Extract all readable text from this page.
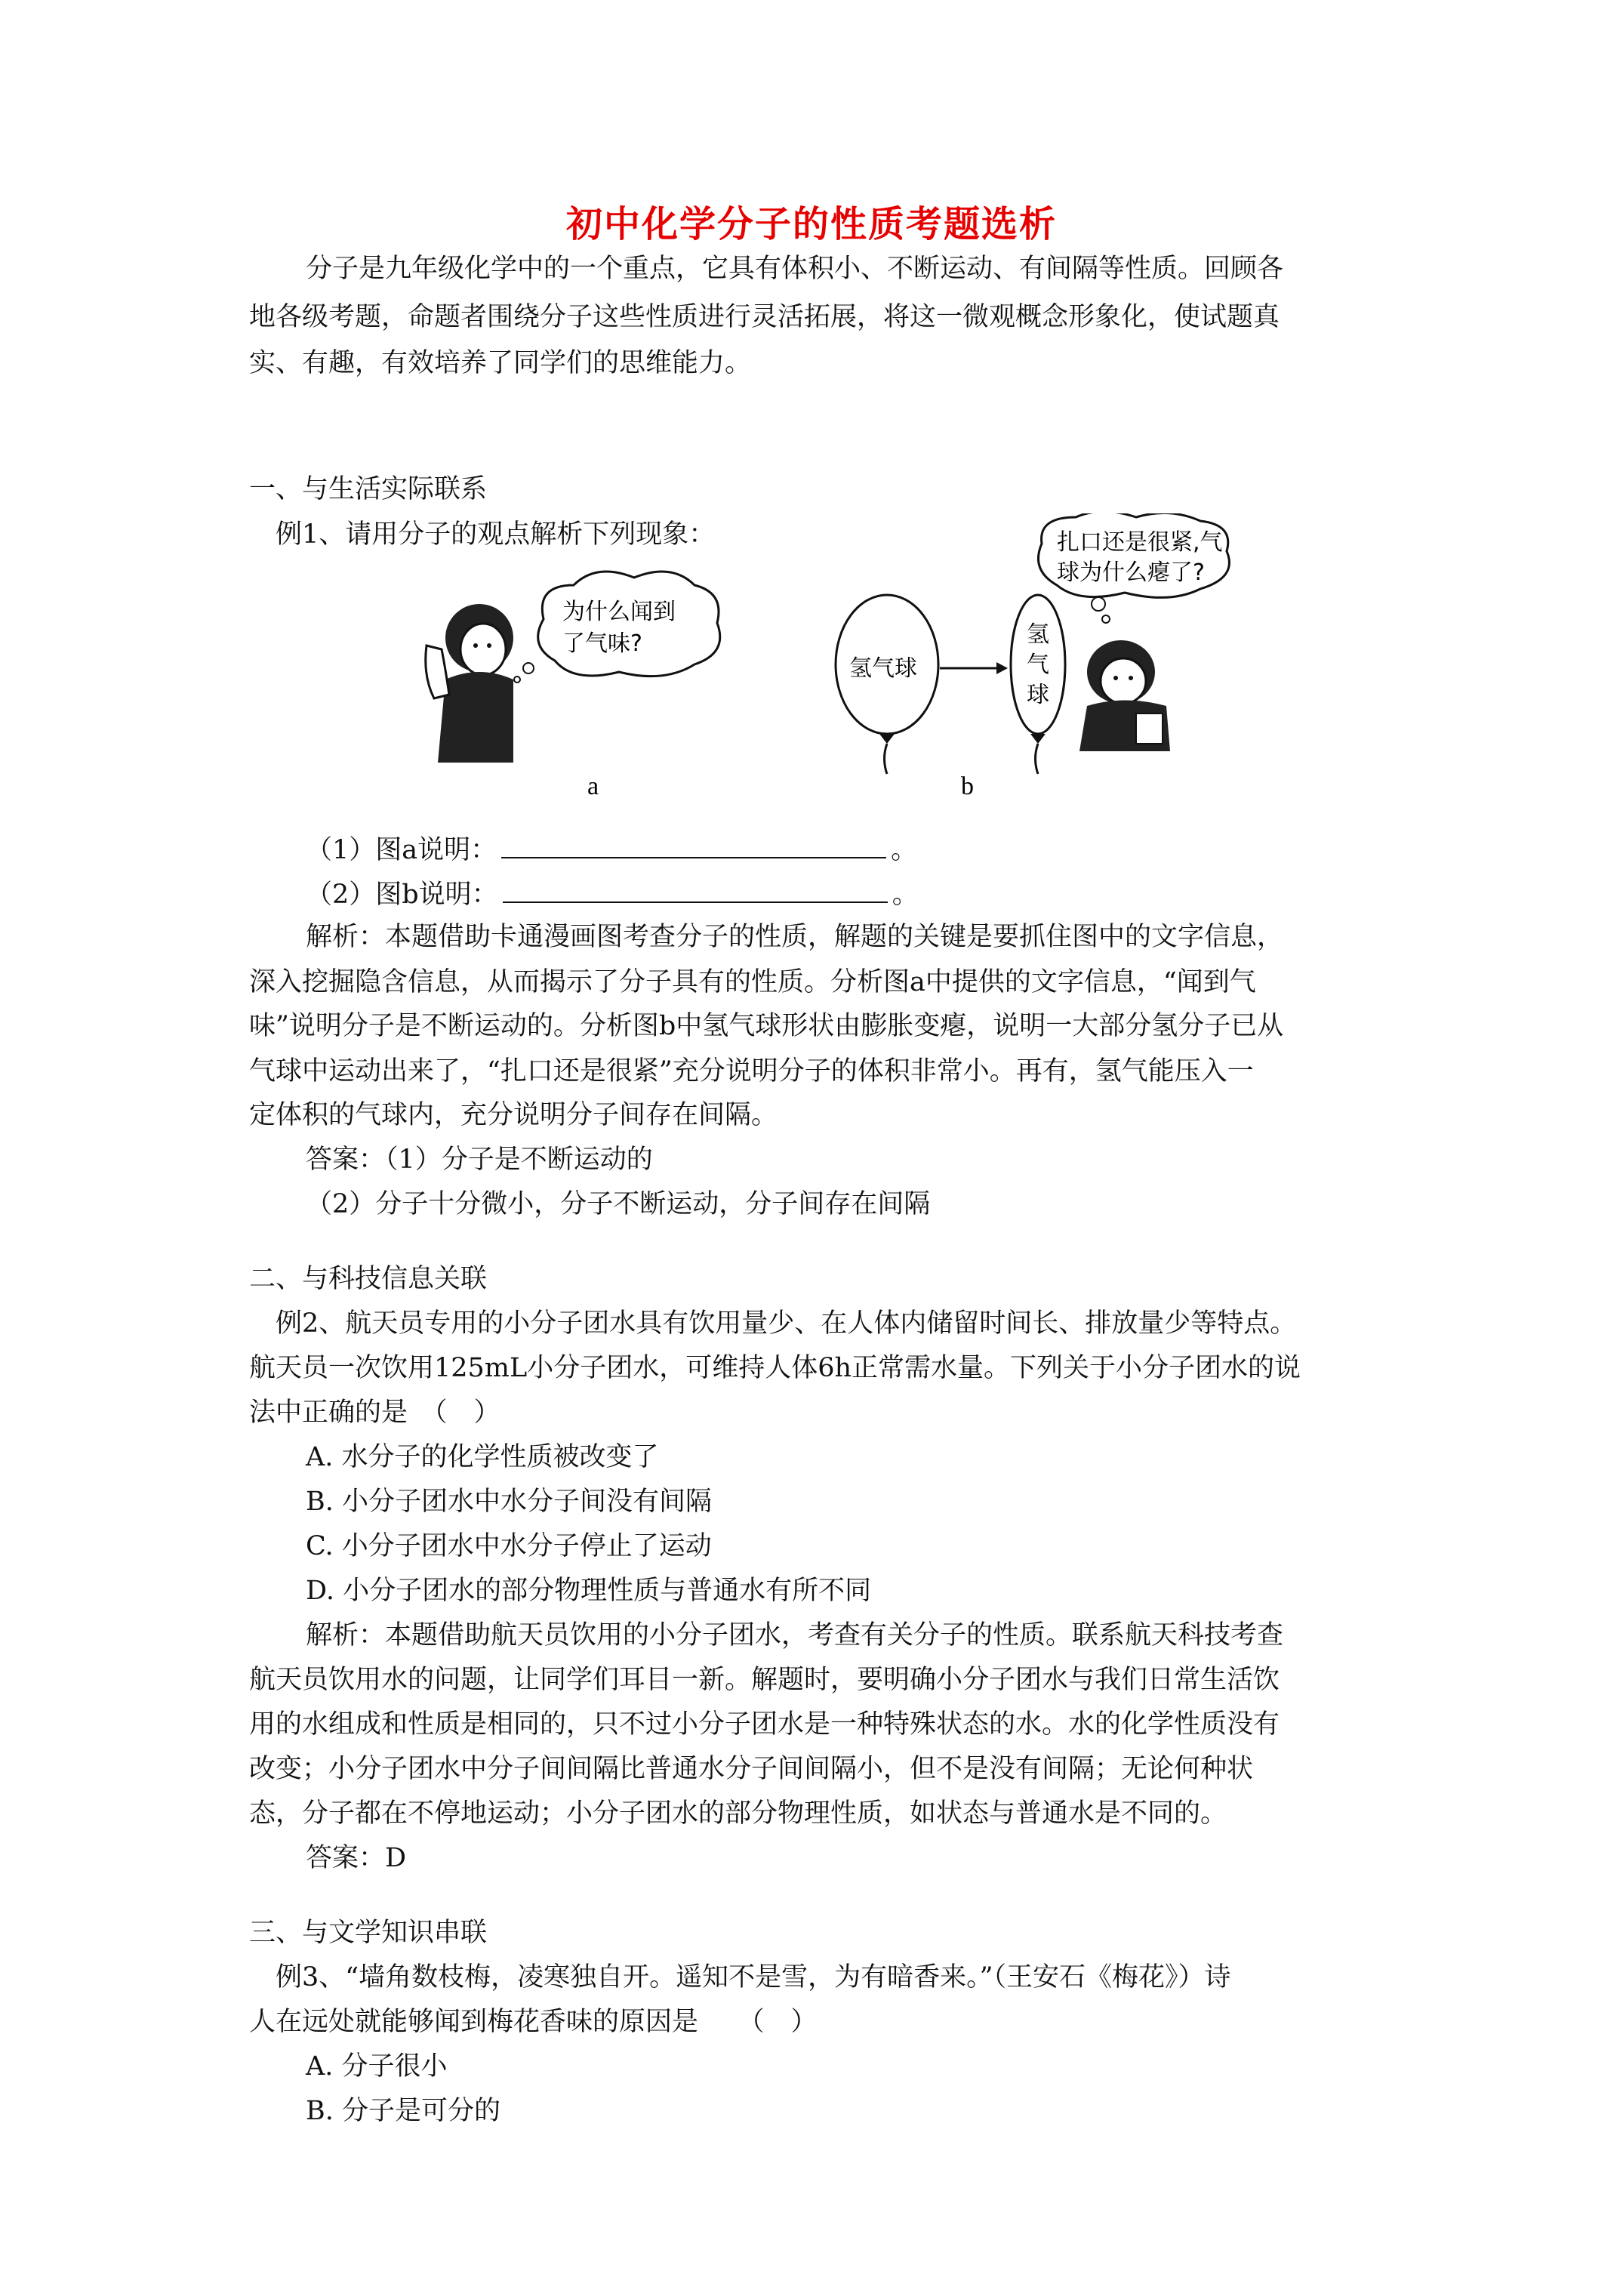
初中化学分子的性质考题选析
分子是九年级化学中的一个重点，它具有体积小、不断运动、有间隔等性质。回顾各
地各级考题，命题者围绕分子这些性质进行灵活拓展，将这一微观概念形象化，使试题真
实、有趣，有效培养了同学们的思维能力。
一、与生活实际联系
例1、请用分子的观点解析下列现象：
为什么闻到
了气味?
a
氢气球
氢
气
球
扎口还是很紧,气
球为什么瘪了?
b
（1）图a说明：	。
（2）图b说明：	。
解析：本题借助卡通漫画图考查分子的性质，解题的关键是要抓住图中的文字信息，
深入挖掘隐含信息，从而揭示了分子具有的性质。分析图a中提供的文字信息，“闻到气
味”说明分子是不断运动的。分析图b中氢气球形状由膨胀变瘪，说明一大部分氢分子已从
气球中运动出来了，“扎口还是很紧”充分说明分子的体积非常小。再有，氢气能压入一
定体积的气球内，充分说明分子间存在间隔。
答案：（1）分子是不断运动的
（2）分子十分微小，分子不断运动，分子间存在间隔
二、与科技信息关联
例2、航天员专用的小分子团水具有饮用量少、在人体内储留时间长、排放量少等特点。
航天员一次饮用125mL小分子团水，可维持人体6h正常需水量。下列关于小分子团水的说
法中正确的是　（　）
A. 水分子的化学性质被改变了
B. 小分子团水中水分子间没有间隔
C. 小分子团水中水分子停止了运动
D. 小分子团水的部分物理性质与普通水有所不同
解析：本题借助航天员饮用的小分子团水，考查有关分子的性质。联系航天科技考查
航天员饮用水的问题，让同学们耳目一新。解题时，要明确小分子团水与我们日常生活饮
用的水组成和性质是相同的，只不过小分子团水是一种特殊状态的水。水的化学性质没有
改变；小分子团水中分子间间隔比普通水分子间间隔小，但不是没有间隔；无论何种状
态，分子都在不停地运动；小分子团水的部分物理性质，如状态与普通水是不同的。
答案：D
三、与文学知识串联
例3、“墙角数枝梅，凌寒独自开。遥知不是雪，为有暗香来。”（王安石《梅花》）诗
人在远处就能够闻到梅花香味的原因是　　（　）
A. 分子很小
B. 分子是可分的
